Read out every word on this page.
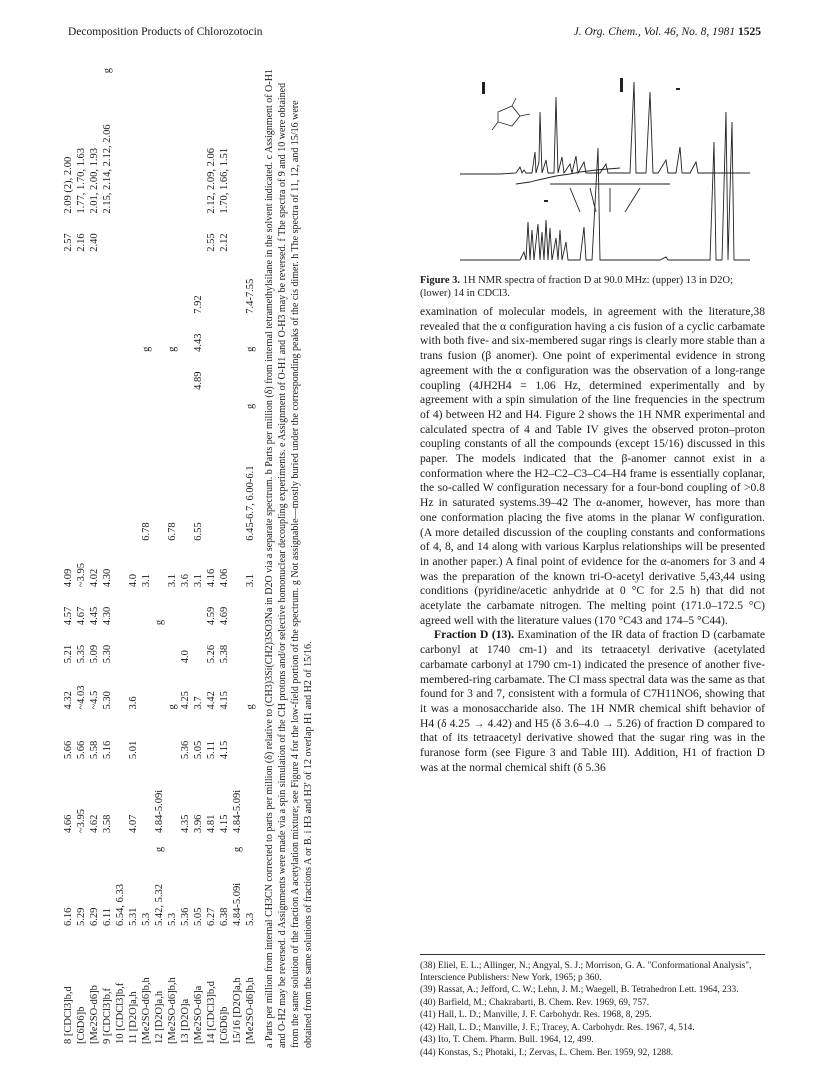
Decomposition Products of Chlorozotocin	J. Org. Chem., Vol. 46, No. 8, 1981 1525
8 [CDCl3]b,d	6.16		4.66	5.66		4.32	5.21	4.57	4.09							2.57	2.09 (2), 2.00	
[C6D6]b	5.29		~3.95	5.66		~4.03	5.35	4.67	~3.95							2.16	1.77, 1.70, 1.63	
[Me2SO-d6]b	6.29		4.62	5.58		~4.5	5.09	4.45	4.02							2.40	2.01, 2.00, 1.93	
9 [CDCl3]b,f	6.11		3.58	5.16		5.30	5.30	4.30	4.30								2.15, 2.14, 2.12, 2.06	g
10 [CDCl3]b,f	6.54, 6.33																	
11 [D2O]a,h	5.31		4.07	5.01		3.6			4.0									
[Me2SO-d6]b,h	5.3								3.1	6.78				g				
12 [D2O]a,h	5.42, 5.32	g	4.84-5.09i					g										
[Me2SO-d6]b,h	5.3					g			3.1	6.78				g				
13 [D2O]a	5.36		4.35	5.36		4.25	4.0		3.6									
[Me2SO-d6]a	5.05		3.96	5.05		3.7			3.1	6.55			4.89	4.43	7.92			
14 [CDCl3]b,d	6.27		4.81	5.11		4.42	5.26	4.59	4.16							2.55	2.12, 2.09, 2.06	
[C6D6]b	6.38		4.15	4.15		4.15	5.38	4.69	4.06							2.12	1.70, 1.66, 1.51	
15/16 [D2O]a,h	4.84-5.09i	g	4.84-5.09i															
[Me2SO-d6]b,h	5.3					g			3.1	6.45-6.7, 6.00-6.1		g		g	7.4-7.55			a Parts per million from internal CH3CN corrected to parts per million (δ) relative to (CH3)3Si(CH2)3SO3Na in D2O via a separate spectrum. b Parts per million (δ) from internal tetramethylsilane in the solvent indicated. c Assignment of O-H1 and O-H2 may be reversed. d Assignments were made via a spin simulation of the CH protons and/or selective homonuclear decoupling experiments. e Assignment of O-H1 and O-H3 may be reversed. f The spectra of 9 and 10 were obtained from the same solution of the fraction A acetylation mixture; see Figure 4 for the low-field portion of the spectrum. g Not assignable—mostly buried under the corresponding peaks of the cis dimer. h The spectra of 11, 12, and 15/16 were obtained from the same solutions of fractions A or B. i H3 and H3' of 12 overlap H1 and H2 of 15/16.
Figure 3. 1H NMR spectra of fraction D at 90.0 MHz: (upper) 13 in D2O; (lower) 14 in CDCl3.

examination of molecular models, in agreement with the literature,38 revealed that the α configuration having a cis fusion of a cyclic carbamate with both five- and six-membered sugar rings is clearly more stable than a trans fusion (β anomer). One point of experimental evidence in strong agreement with the α configuration was the observation of a long-range coupling (4JH2H4 = 1.06 Hz, determined experimentally and by agreement with a spin simulation of the line frequencies in the spectrum of 4) between H2 and H4. Figure 2 shows the 1H NMR experimental and calculated spectra of 4 and Table IV gives the observed proton–proton coupling constants of all the compounds (except 15/16) discussed in this paper. The models indicated that the β-anomer cannot exist in a conformation where the H2–C2–C3–C4–H4 frame is essentially coplanar, the so-called W configuration necessary for a four-bond coupling of >0.8 Hz in saturated systems.39–42 The α-anomer, however, has more than one conformation placing the five atoms in the planar W configuration. (A more detailed discussion of the coupling constants and conformations of 4, 8, and 14 along with various Karplus relationships will be presented in another paper.) A final point of evidence for the α-anomers for 3 and 4 was the preparation of the known tri-O-acetyl derivative 5,43,44 using conditions (pyridine/acetic anhydride at 0 °C for 2.5 h) that did not acetylate the carbamate nitrogen. The melting point (171.0–172.5 °C) agreed well with the literature values (170 °C43 and 174–5 °C44).

Fraction D (13). Examination of the IR data of fraction D (carbamate carbonyl at 1740 cm-1) and its tetraacetyl derivative (acetylated carbamate carbonyl at 1790 cm-1) indicated the presence of another five-membered-ring carbamate. The CI mass spectral data was the same as that found for 3 and 7, consistent with a formula of C7H11NO6, showing that it was a monosaccharide also. The 1H NMR chemical shift behavior of H4 (δ 4.25 → 4.42) and H5 (δ 3.6–4.0 → 5.26) of fraction D compared to that of its tetraacetyl derivative showed that the sugar ring was in the furanose form (see Figure 3 and Table III). Addition, H1 of fraction D was at the normal chemical shift (δ 5.36

(38) Eliel, E. L.; Allinger, N.; Angyal, S. J.; Morrison, G. A. "Conformational Analysis", Interscience Publishers: New York, 1965; p 360.
(39) Rassat, A.; Jefford, C. W.; Lehn, J. M.; Waegell, B. Tetrahedron Lett. 1964, 233.
(40) Barfield, M.; Chakrabarti, B. Chem. Rev. 1969, 69, 757.
(41) Hall, L. D.; Manville, J. F. Carbohydr. Res. 1968, 8, 295.
(42) Hall, L. D.; Manville, J. F.; Tracey, A. Carbohydr. Res. 1967, 4, 514.
(43) Ito, T. Chem. Pharm. Bull. 1964, 12, 499.
(44) Konstas, S.; Photaki, I.; Zervas, L. Chem. Ber. 1959, 92, 1288.
